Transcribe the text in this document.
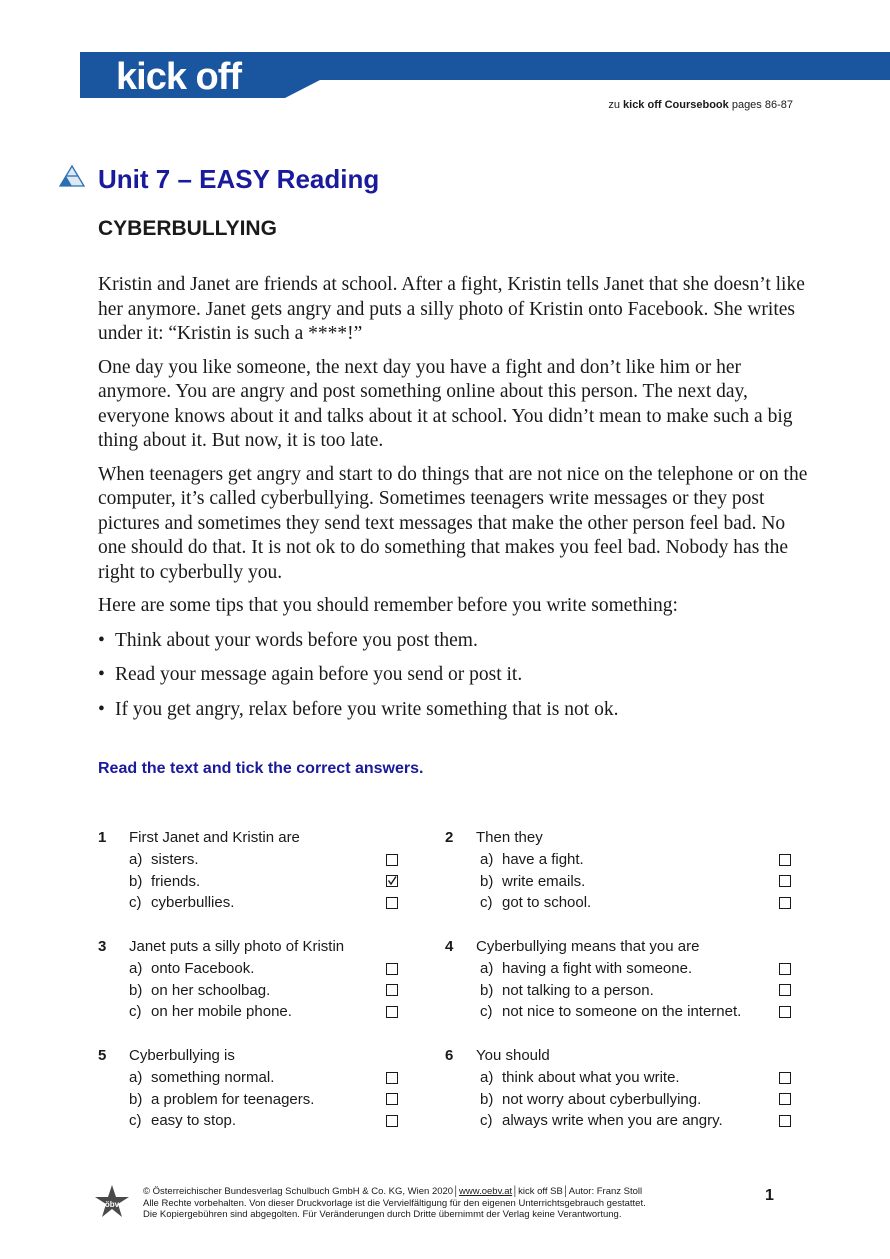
kick off
zu kick off Coursebook pages 86-87
Unit 7 – EASY Reading
CYBERBULLYING

Kristin and Janet are friends at school. After a fight, Kristin tells Janet that she doesn’t like her anymore. Janet gets angry and puts a silly photo of Kristin onto Facebook. She writes under it: “Kristin is such a ****!”

One day you like someone, the next day you have a fight and don’t like him or her anymore. You are angry and post something online about this person. The next day, everyone knows about it and talks about it at school. You didn’t mean to make such a big thing about it. But now, it is too late.

When teenagers get angry and start to do things that are not nice on the telephone or on the computer, it’s called cyberbullying. Sometimes teenagers write messages or they post pictures and sometimes they send text messages that make the other person feel bad. No one should do that. It is not ok to do something that makes you feel bad. Nobody has the right to cyberbully you.

Here are some tips that you should remember before you write something:

• Think about your words before you post them.
• Read your message again before you send or post it.
• If you get angry, relax before you write something that is not ok.
Read the text and tick the correct answers.
1	First Janet and Kristin are
a) sisters.
b) friends.
c) cyberbullies.
2	Then they
a) have a fight.
b) write emails.
c) got to school.
3	Janet puts a silly photo of Kristin
a) onto Facebook.
b) on her schoolbag.
c) on her mobile phone.
4	Cyberbullying means that you are
a) having a fight with someone.
b) not talking to a person.
c) not nice to someone on the internet.
5	Cyberbullying is
a) something normal.
b) a problem for teenagers.
c) easy to stop.
6	You should
a) think about what you write.
b) not worry about cyberbullying.
c) always write when you are angry.
öbv
© Österreichischer Bundesverlag Schulbuch GmbH & Co. KG, Wien 2020│www.oebv.at│kick off SB│Autor: Franz Stoll
Alle Rechte vorbehalten. Von dieser Druckvorlage ist die Vervielfältigung für den eigenen Unterrichtsgebrauch gestattet.
Die Kopiergebühren sind abgegolten. Für Veränderungen durch Dritte übernimmt der Verlag keine Verantwortung.
1
